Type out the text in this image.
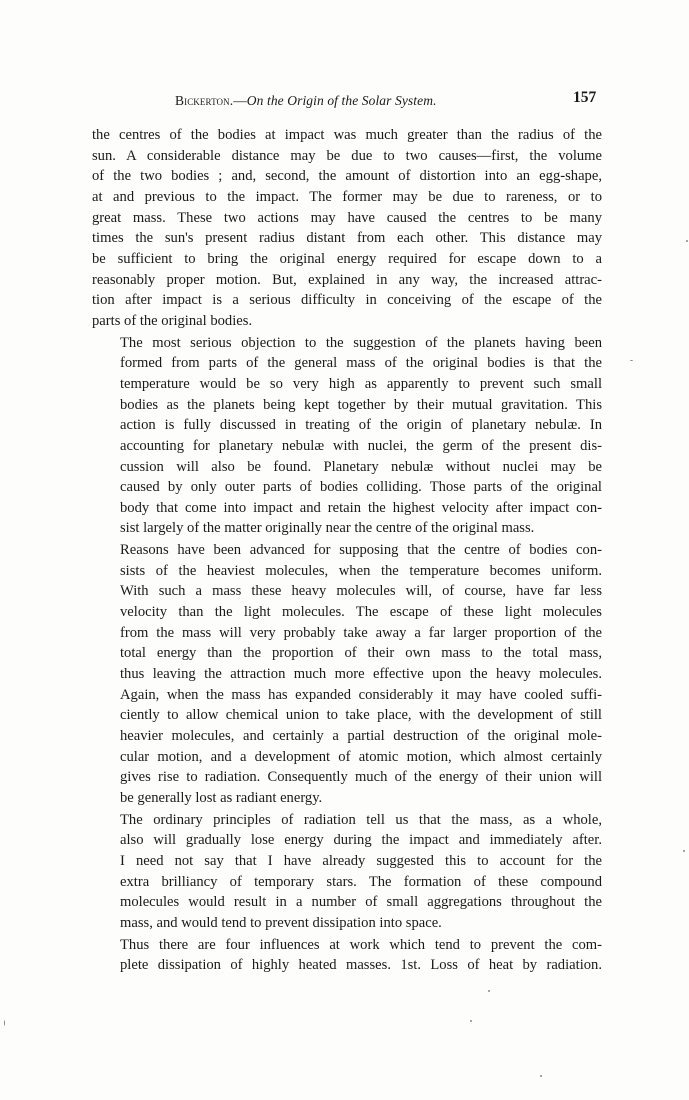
Bickerton.—On the Origin of the Solar System.	157

the centres of the bodies at impact was much greater than the radius of the
sun. A considerable distance may be due to two causes—first, the volume
of the two bodies ; and, second, the amount of distortion into an egg-shape,
at and previous to the impact. The former may be due to rareness, or to
great mass. These two actions may have caused the centres to be many
times the sun's present radius distant from each other. This distance may
be sufficient to bring the original energy required for escape down to a
reasonably proper motion. But, explained in any way, the increased attrac-
tion after impact is a serious difficulty in conceiving of the escape of the
parts of the original bodies.

The most serious objection to the suggestion of the planets having been
formed from parts of the general mass of the original bodies is that the
temperature would be so very high as apparently to prevent such small
bodies as the planets being kept together by their mutual gravitation. This
action is fully discussed in treating of the origin of planetary nebulæ. In
accounting for planetary nebulæ with nuclei, the germ of the present dis-
cussion will also be found. Planetary nebulæ without nuclei may be
caused by only outer parts of bodies colliding. Those parts of the original
body that come into impact and retain the highest velocity after impact con-
sist largely of the matter originally near the centre of the original mass.

Reasons have been advanced for supposing that the centre of bodies con-
sists of the heaviest molecules, when the temperature becomes uniform.
With such a mass these heavy molecules will, of course, have far less
velocity than the light molecules. The escape of these light molecules
from the mass will very probably take away a far larger proportion of the
total energy than the proportion of their own mass to the total mass,
thus leaving the attraction much more effective upon the heavy molecules.
Again, when the mass has expanded considerably it may have cooled suffi-
ciently to allow chemical union to take place, with the development of still
heavier molecules, and certainly a partial destruction of the original mole-
cular motion, and a development of atomic motion, which almost certainly
gives rise to radiation. Consequently much of the energy of their union will
be generally lost as radiant energy.

The ordinary principles of radiation tell us that the mass, as a whole,
also will gradually lose energy during the impact and immediately after.
I need not say that I have already suggested this to account for the
extra brilliancy of temporary stars. The formation of these compound
molecules would result in a number of small aggregations throughout the
mass, and would tend to prevent dissipation into space.

Thus there are four influences at work which tend to prevent the com-
plete dissipation of highly heated masses. 1st. Loss of heat by radiation.
